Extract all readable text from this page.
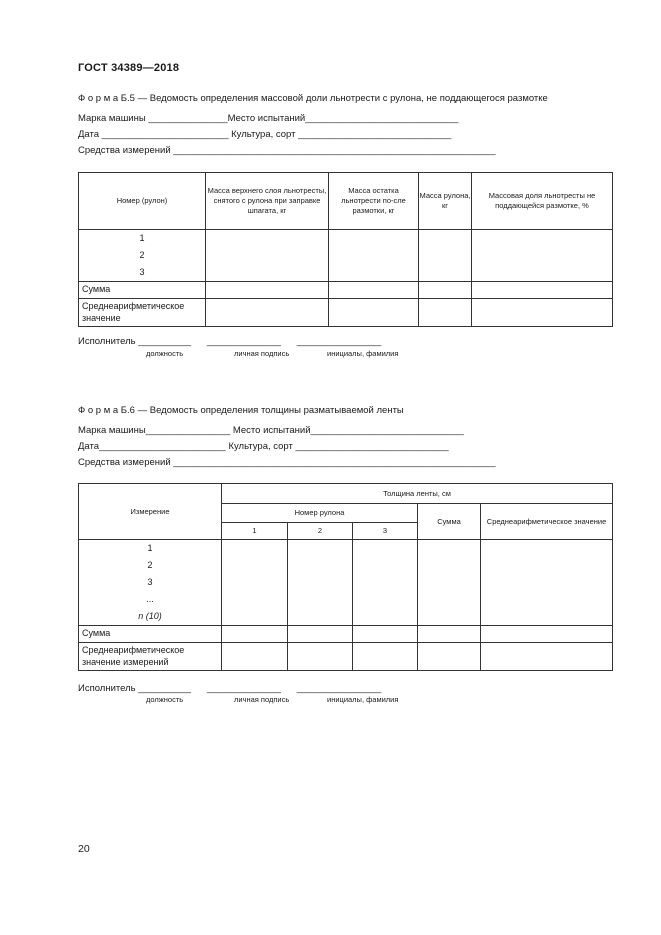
ГОСТ 34389—2018
Ф о р м а Б.5 — Ведомость определения массовой доли льнотрести с рулона, не поддающегося размотке
Марка машины _______________Место испытаний_____________________________
Дата ________________________ Культура, сорт _____________________________
Средства измерений _____________________________________________________________
Номер (рулон)	Масса верхнего слоя льнотресты, снятого с рулона при заправке шпагата, кг	Масса остатка льнотрести по-сле размотки, кг	Масса рулона, кг	Массовая доля льнотресты не поддающейся размотке, %

1
2
3				

Сумма				
Среднеарифметическое значение				
Исполнитель __________      ______________      ________________
должность	личная подпись	инициалы, фамилия
Ф о р м а Б.6 — Ведомость определения толщины разматываемой ленты
Марка машины________________ Место испытаний_____________________________
Дата________________________ Культура, сорт _____________________________
Средства измерений _____________________________________________________________
Измерение	Толщина ленты, см				
	Номер рулона			Сумма	Среднеарифметическое значение
	1	2	3		

1
2
3
...
n (10)					

Сумма					
Среднеарифметическое значение измерений					
Исполнитель __________      ______________      ________________
должность	личная подпись	инициалы, фамилия
20
